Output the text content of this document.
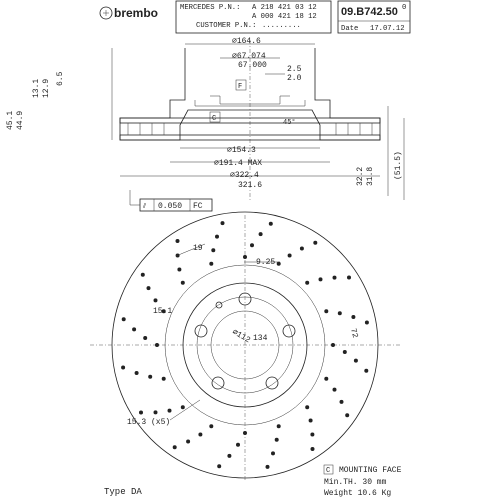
brembo	MERCEDES P.N.: A 218 421 03 12
A 000 421 18 12
CUSTOMER P.N.: .........
09.B742.50
Date 17.07.12
0
F
C	45°
∅164.6
∅67.074
67.000	2.5
2.0
∅154.3
∅191.4 MAX
∅322.4
321.6
45.1 44.9
13.1 12.9 6.5
32.2 31.8 (51.5)
⫽ 0.050 FC
19
9.25
15.1
∅112 134	72
15.3 (x5)
C MOUNTING FACE
Min.TH. 30 mm
Weight 10.6 Kg
Type DA
